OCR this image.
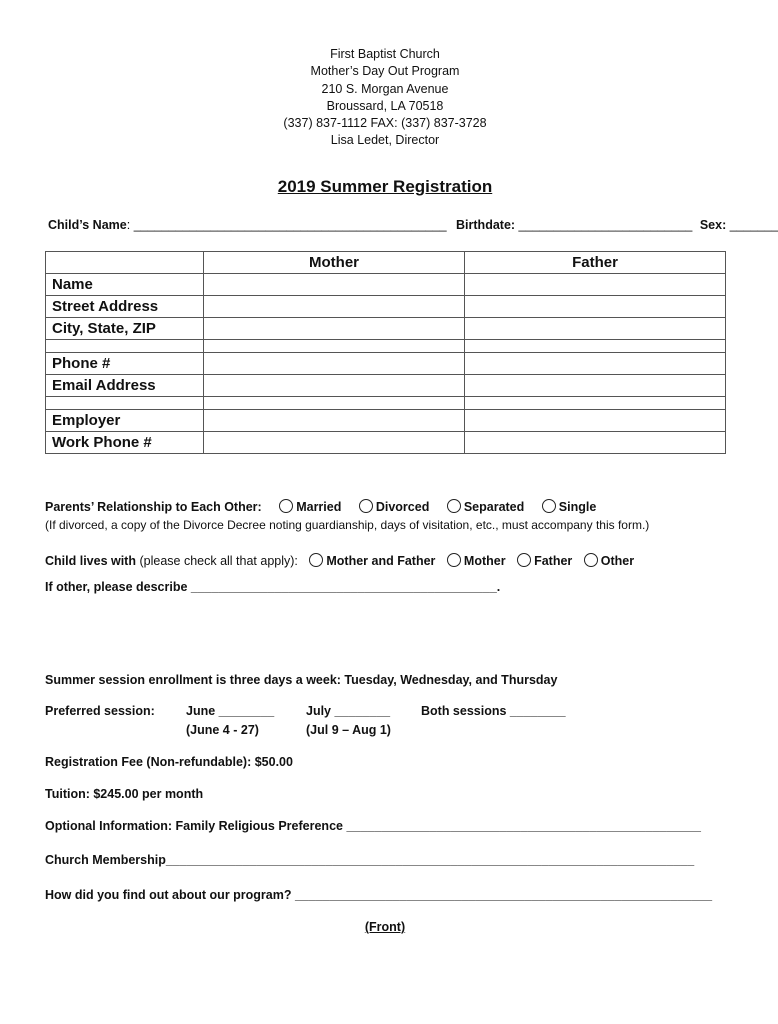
First Baptist Church
Mother’s Day Out Program
210 S. Morgan Avenue
Broussard, LA 70518
(337) 837-1112 FAX: (337) 837-3728
Lisa Ledet, Director
2019 Summer Registration
Child’s Name: _____________________________________________ Birthdate: _________________________ Sex: _______
	Mother	Father
Name		
Street Address		
City, State, ZIP		

Phone #		
Email Address		

Employer		
Work Phone #		
Parents’ Relationship to Each Other:	Married	Divorced	Separated	Single
(If divorced, a copy of the Divorce Decree noting guardianship, days of visitation, etc., must accompany this form.)
Child lives with (please check all that apply): Mother and Father Mother Father Other
If other, please describe ____________________________________________.
Summer session enrollment is three days a week: Tuesday, Wednesday, and Thursday
Preferred session: June ________
(June 4 - 27)
July ________
(Jul 9 – Aug 1)
Both sessions ________
Registration Fee (Non-refundable): $50.00
Tuition: $245.00 per month
Optional Information: Family Religious Preference ___________________________________________________
Church Membership____________________________________________________________________________
How did you find out about our program? ____________________________________________________________
(Front)
